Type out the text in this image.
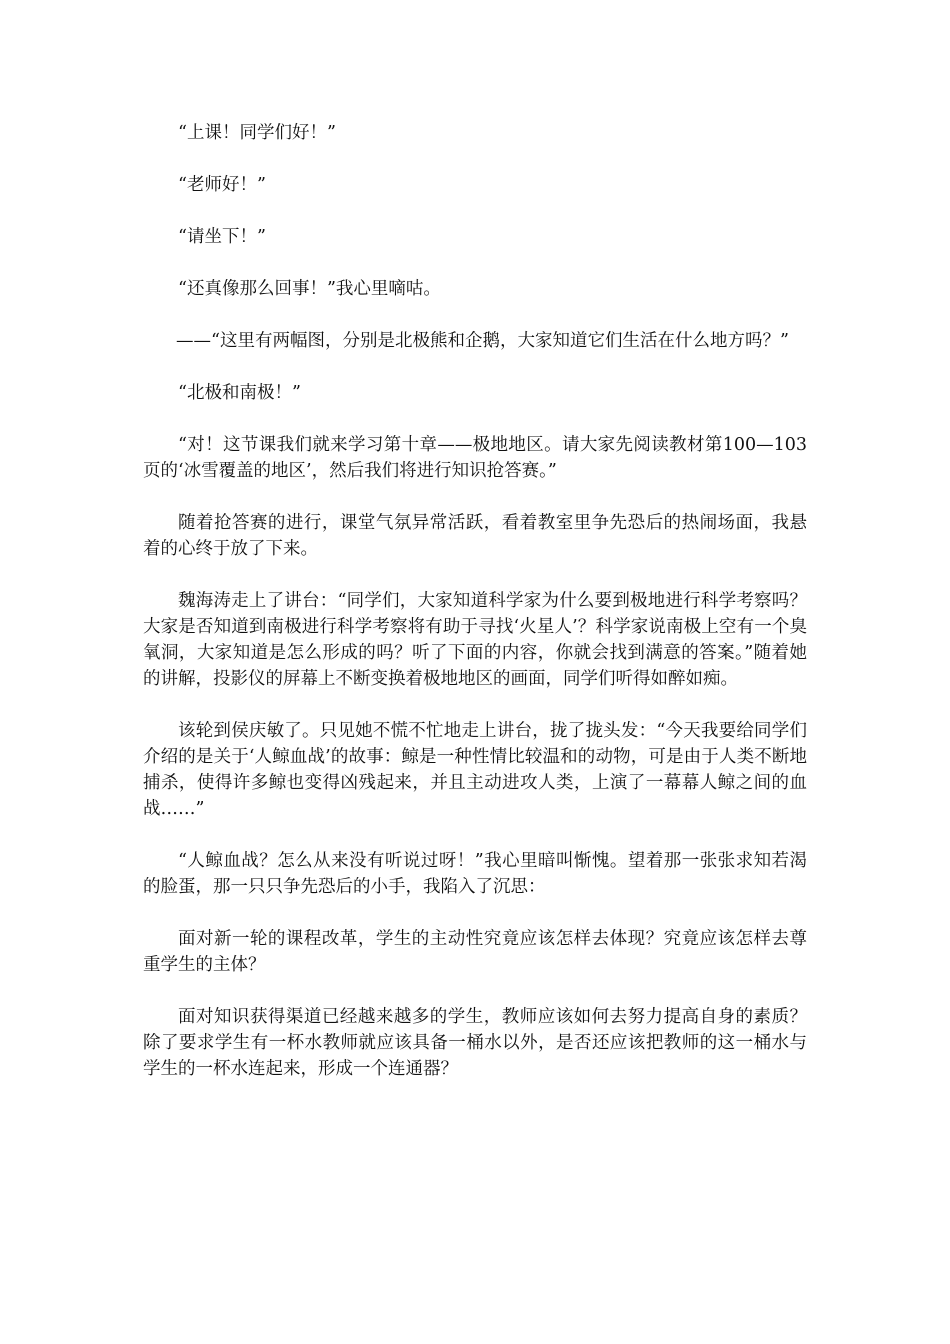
“上课！同学们好！”

“老师好！”

“请坐下！”

“还真像那么回事！”我心里嘀咕。

——“这里有两幅图，分别是北极熊和企鹅，大家知道它们生活在什么地方吗？”

“北极和南极！”

“对！这节课我们就来学习第十章——极地地区。请大家先阅读教材第100—103页的‘冰雪覆盖的地区’，然后我们将进行知识抢答赛。”

随着抢答赛的进行，课堂气氛异常活跃，看着教室里争先恐后的热闹场面，我悬着的心终于放了下来。

魏海涛走上了讲台：“同学们，大家知道科学家为什么要到极地进行科学考察吗？大家是否知道到南极进行科学考察将有助于寻找‘火星人’？科学家说南极上空有一个臭氧洞，大家知道是怎么形成的吗？听了下面的内容，你就会找到满意的答案。”随着她的讲解，投影仪的屏幕上不断变换着极地地区的画面，同学们听得如醉如痴。

该轮到侯庆敏了。只见她不慌不忙地走上讲台，拢了拢头发：“今天我要给同学们介绍的是关于‘人鲸血战’的故事：鲸是一种性情比较温和的动物，可是由于人类不断地捕杀，使得许多鲸也变得凶残起来，并且主动进攻人类，上演了一幕幕人鲸之间的血战……”

“人鲸血战？怎么从来没有听说过呀！”我心里暗叫惭愧。望着那一张张求知若渴的脸蛋，那一只只争先恐后的小手，我陷入了沉思：

面对新一轮的课程改革，学生的主动性究竟应该怎样去体现？究竟应该怎样去尊重学生的主体？

面对知识获得渠道已经越来越多的学生，教师应该如何去努力提高自身的素质？除了要求学生有一杯水教师就应该具备一桶水以外，是否还应该把教师的这一桶水与学生的一杯水连起来，形成一个连通器？
